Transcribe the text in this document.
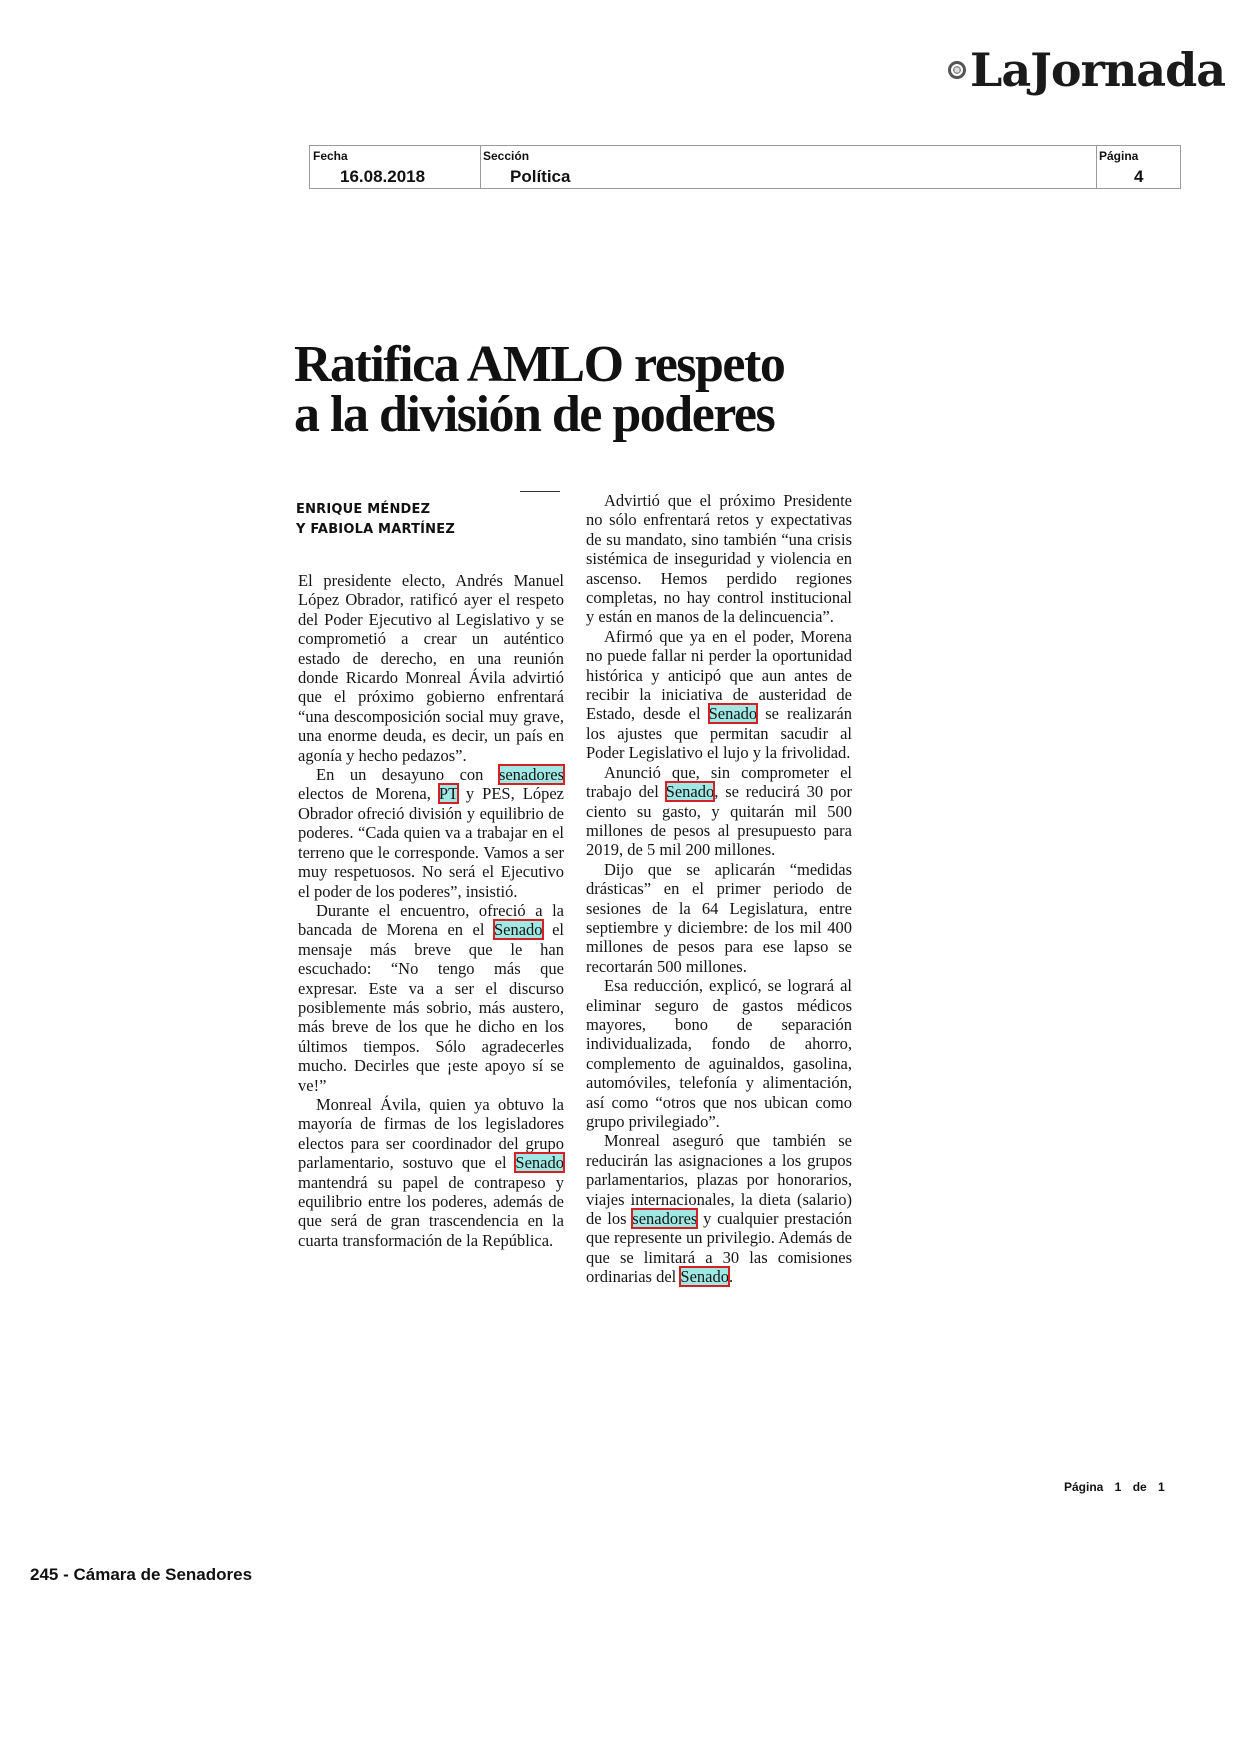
LaJornada
Fecha
16.08.2018
Sección
Política
Página
4
Ratifica AMLO respeto
a la división de poderes
ENRIQUE MÉNDEZ
Y FABIOLA MARTÍNEZ

El presidente electo, Andrés Manuel López Obrador, ratificó ayer el respeto del Poder Ejecutivo al Legislativo y se comprometió a crear un auténtico estado de derecho, en una reunión donde Ricardo Monreal Ávila advirtió que el próximo gobierno enfrentará “una descomposición social muy grave, una enorme deuda, es decir, un país en agonía y hecho pedazos”.

En un desayuno con senadores electos de Morena, PT y PES, López Obrador ofreció división y equilibrio de poderes. “Cada quien va a trabajar en el terreno que le corresponde. Vamos a ser muy respetuosos. No será el Ejecutivo el poder de los poderes”, insistió.

Durante el encuentro, ofreció a la bancada de Morena en el Senado el mensaje más breve que le han escuchado: “No tengo más que expresar. Este va a ser el discurso posiblemente más sobrio, más austero, más breve de los que he dicho en los últimos tiempos. Sólo agradecerles mucho. Decirles que ¡este apoyo sí se ve!”

Monreal Ávila, quien ya obtuvo la mayoría de firmas de los legisladores electos para ser coordinador del grupo parlamentario, sostuvo que el Senado mantendrá su papel de contrapeso y equilibrio entre los poderes, además de que será de gran trascendencia en la cuarta transformación de la República.

Advirtió que el próximo Presidente no sólo enfrentará retos y expectativas de su mandato, sino también “una crisis sistémica de inseguridad y violencia en ascenso. Hemos perdido regiones completas, no hay control institucional y están en manos de la delincuencia”.

Afirmó que ya en el poder, Morena no puede fallar ni perder la oportunidad histórica y anticipó que aun antes de recibir la iniciativa de austeridad de Estado, desde el Senado se realizarán los ajustes que permitan sacudir al Poder Legislativo el lujo y la frivolidad.

Anunció que, sin comprometer el trabajo del Senado, se reducirá 30 por ciento su gasto, y quitarán mil 500 millones de pesos al presupuesto para 2019, de 5 mil 200 millones.

Dijo que se aplicarán “medidas drásticas” en el primer periodo de sesiones de la 64 Legislatura, entre septiembre y diciembre: de los mil 400 millones de pesos para ese lapso se recortarán 500 millones.

Esa reducción, explicó, se logrará al eliminar seguro de gastos médicos mayores, bono de separación individualizada, fondo de ahorro, complemento de aguinaldos, gasolina, automóviles, telefonía y alimentación, así como “otros que nos ubican como grupo privilegiado”.

Monreal aseguró que también se reducirán las asignaciones a los grupos parlamentarios, plazas por honorarios, viajes internacionales, la dieta (salario) de los senadores y cualquier prestación que represente un privilegio. Además de que se limitará a 30 las comisiones ordinarias del Senado.

Página 1 de 1
245 - Cámara de Senadores
